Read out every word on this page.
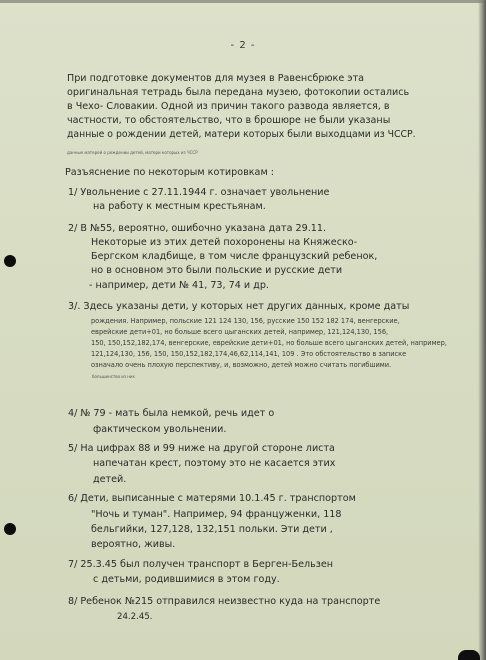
- 2 -
При подготовке документов для музея в Равенсбрюке эта
оригинальная тетрадь была передана музею, фотокопии остались
в Чехо- Словакии. Одной из причин такого развода является, в
частности, то обстоятельство, что в брошюре не были указаны
данные о рождении детей, матери которых были выходцами из ЧССР.
данные матерей о рождении детей, матери которых из ЧССР
Разъяснение по некоторым котировкам :
1/ Увольнение с 27.11.1944 г. означает увольнение
на работу к местным крестьянам.
2/ В №55, вероятно, ошибочно указана дата 29.11.
Некоторые из этих детей похоронены на Княжеско-
Бергском кладбище, в том числе французский ребенок,
но в основном это были польские и русские дети
- например, дети № 41, 73, 74 и др.
3/. Здесь указаны дети, у которых нет других данных, кроме даты
рождения. Например, польские 121 124 130, 156, русские 150 152 182 174, венгерские,
еврейские дети+01, но больше всего цыганских детей, например, 121,124,130, 156,
150, 150,152,182,174, венгерские, еврейские дети+01, но больше всего цыганских детей, например,
121,124,130, 156, 150, 150,152,182,174,46,62,114,141, 109 . Это обстоятельство в записке
означало очень плохую перспективу, и, возможно, детей можно считать погибшими.
большинство из них
4/ № 79 - мать была немкой, речь идет о
фактическом увольнении.
5/ На цифрах 88 и 99 ниже на другой стороне листа
напечатан крест, поэтому это не касается этих
детей.
6/ Дети, выписанные с матерями 10.1.45 г. транспортом
"Ночь и туман". Например, 94 француженки, 118
бельгийки, 127,128, 132,151 польки. Эти дети ,
вероятно, живы.
7/ 25.3.45 был получен транспорт в Берген-Бельзен
с детьми, родившимися в этом году.
8/ Ребенок №215 отправился неизвестно куда на транспорте
24.2.45.
